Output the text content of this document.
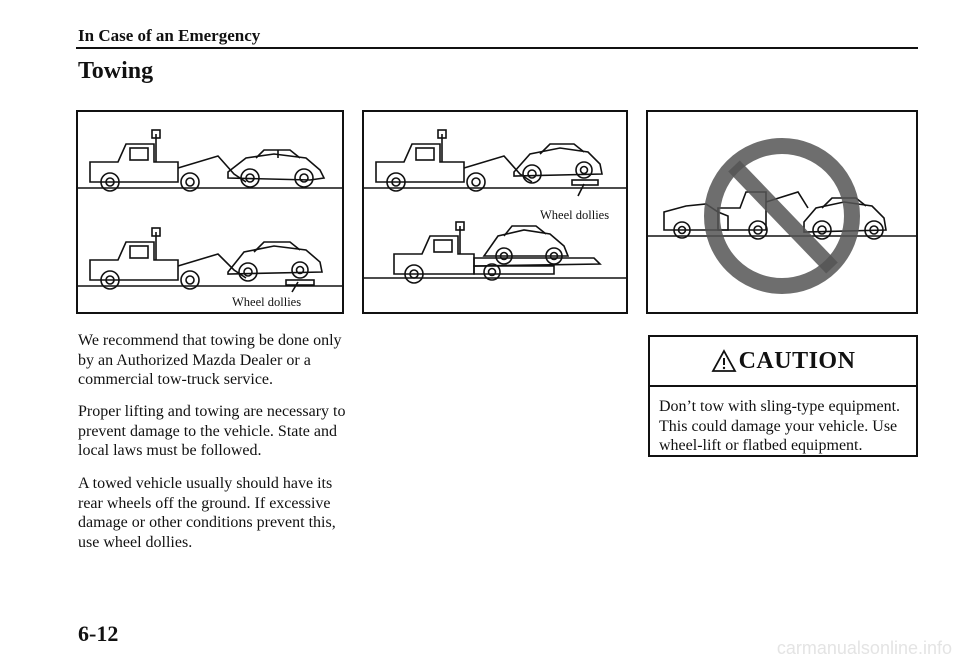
In Case of an Emergency
Towing
Wheel dollies
Wheel dollies
We recommend that towing be done only
by an Authorized Mazda Dealer or a
commercial tow-truck service.
Proper lifting and towing are necessary to
prevent damage to the vehicle. State and
local laws must be followed.
A towed vehicle usually should have its
rear wheels off the ground. If excessive
damage or other conditions prevent this,
use wheel dollies.
CAUTION
Don’t tow with sling-type equipment.
This could damage your vehicle. Use
wheel-lift or flatbed equipment.
6-12
carmanualsonline.info
